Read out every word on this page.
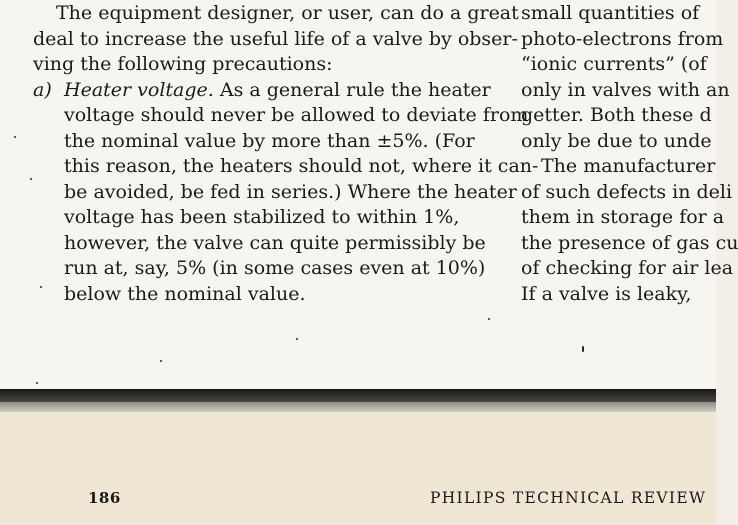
The equipment designer, or user, can do a great
deal to increase the useful life of a valve by obser-
ving the following precautions:
a) Heater voltage. As a general rule the heater
voltage should never be allowed to deviate from
the nominal value by more than ±5%. (For
this reason, the heaters should not, where it can-
be avoided, be fed in series.) Where the heater
voltage has been stabilized to within 1%,
however, the valve can quite permissibly be
run at, say, 5% (in some cases even at 10%)
below the nominal value.
small quantities of
photo-electrons from
“ionic currents” (of
only in valves with an
getter. Both these d
only be due to unde
The manufacturer
of such defects in deli
them in storage for a
the presence of gas cu
of checking for air lea
If a valve is leaky,
186	PHILIPS TECHNICAL REVIEW
